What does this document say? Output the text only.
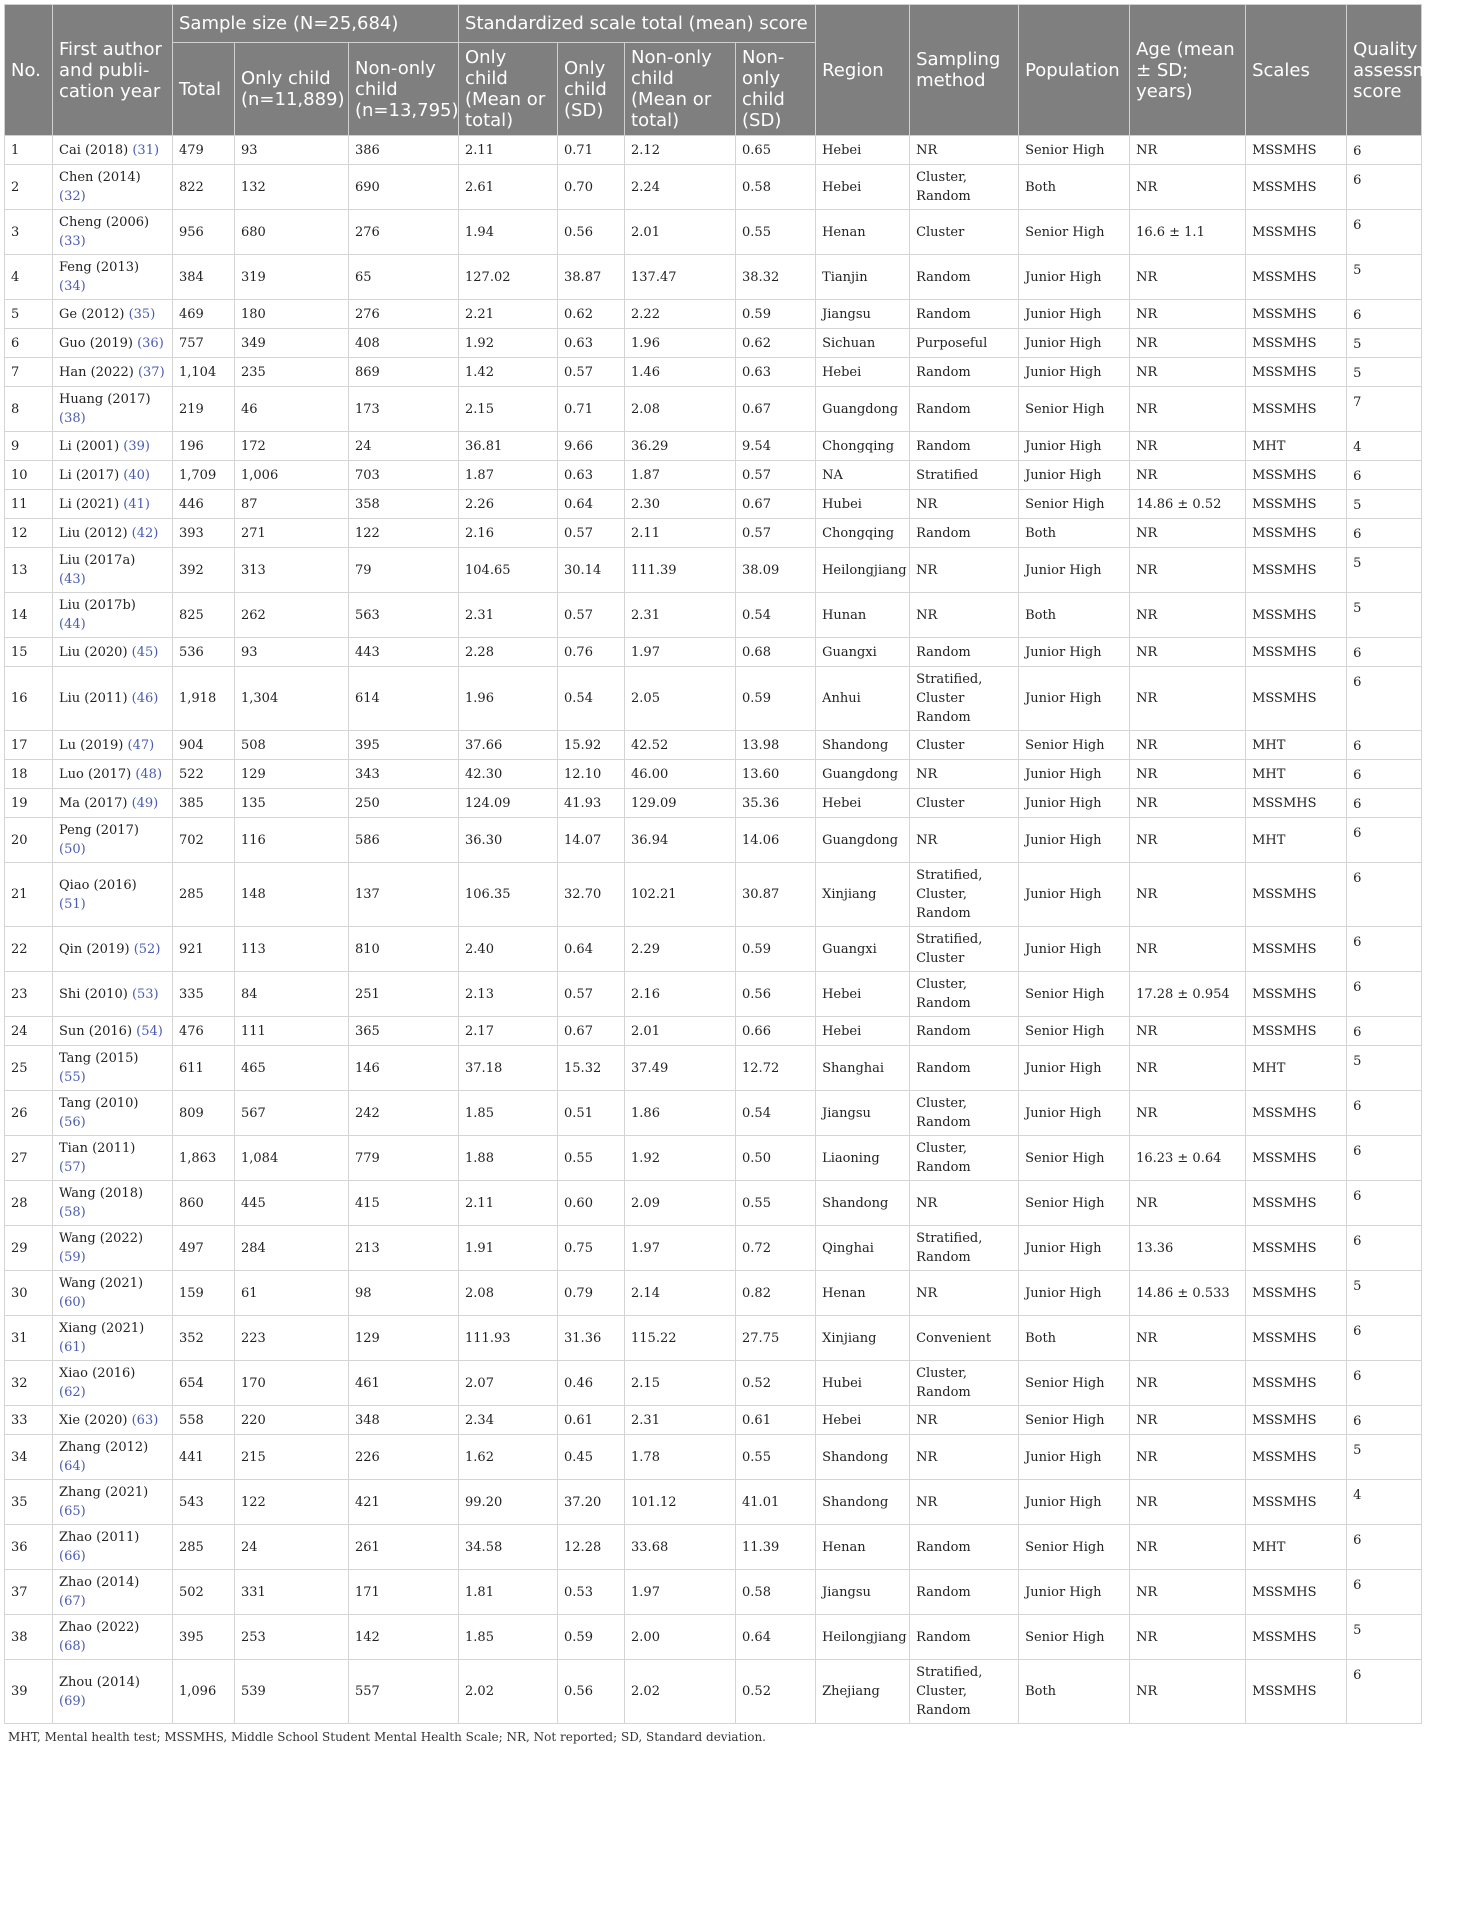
No.	First author and publi-cation year	Sample size (N=25,684)			Standardized scale total (mean) score				Region	Sampling method	Population	Age (mean ± SD; years)	Scales	Quality assessment score
		Total	Only child (n=11,889)	Non-only child (n=13,795)	Only child (Mean or total)	Only child (SD)	Non-only child (Mean or total)	Non-only child (SD)						
1	Cai (2018) (31)	479	93	386	2.11	0.71	2.12	0.65	Hebei	NR	Senior High	NR	MSSMHS	6
2	Chen (2014) (32)	822	132	690	2.61	0.70	2.24	0.58	Hebei	Cluster, Random	Both	NR	MSSMHS	6
3	Cheng (2006) (33)	956	680	276	1.94	0.56	2.01	0.55	Henan	Cluster	Senior High	16.6 ± 1.1	MSSMHS	6
4	Feng (2013) (34)	384	319	65	127.02	38.87	137.47	38.32	Tianjin	Random	Junior High	NR	MSSMHS	5
5	Ge (2012) (35)	469	180	276	2.21	0.62	2.22	0.59	Jiangsu	Random	Junior High	NR	MSSMHS	6
6	Guo (2019) (36)	757	349	408	1.92	0.63	1.96	0.62	Sichuan	Purposeful	Junior High	NR	MSSMHS	5
7	Han (2022) (37)	1,104	235	869	1.42	0.57	1.46	0.63	Hebei	Random	Junior High	NR	MSSMHS	5
8	Huang (2017) (38)	219	46	173	2.15	0.71	2.08	0.67	Guangdong	Random	Senior High	NR	MSSMHS	7
9	Li (2001) (39)	196	172	24	36.81	9.66	36.29	9.54	Chongqing	Random	Junior High	NR	MHT	4
10	Li (2017) (40)	1,709	1,006	703	1.87	0.63	1.87	0.57	NA	Stratified	Junior High	NR	MSSMHS	6
11	Li (2021) (41)	446	87	358	2.26	0.64	2.30	0.67	Hubei	NR	Senior High	14.86 ± 0.52	MSSMHS	5
12	Liu (2012) (42)	393	271	122	2.16	0.57	2.11	0.57	Chongqing	Random	Both	NR	MSSMHS	6
13	Liu (2017a) (43)	392	313	79	104.65	30.14	111.39	38.09	Heilongjiang	NR	Junior High	NR	MSSMHS	5
14	Liu (2017b) (44)	825	262	563	2.31	0.57	2.31	0.54	Hunan	NR	Both	NR	MSSMHS	5
15	Liu (2020) (45)	536	93	443	2.28	0.76	1.97	0.68	Guangxi	Random	Junior High	NR	MSSMHS	6
16	Liu (2011) (46)	1,918	1,304	614	1.96	0.54	2.05	0.59	Anhui	Stratified, Cluster Random	Junior High	NR	MSSMHS	6
17	Lu (2019) (47)	904	508	395	37.66	15.92	42.52	13.98	Shandong	Cluster	Senior High	NR	MHT	6
18	Luo (2017) (48)	522	129	343	42.30	12.10	46.00	13.60	Guangdong	NR	Junior High	NR	MHT	6
19	Ma (2017) (49)	385	135	250	124.09	41.93	129.09	35.36	Hebei	Cluster	Junior High	NR	MSSMHS	6
20	Peng (2017) (50)	702	116	586	36.30	14.07	36.94	14.06	Guangdong	NR	Junior High	NR	MHT	6
21	Qiao (2016) (51)	285	148	137	106.35	32.70	102.21	30.87	Xinjiang	Stratified, Cluster, Random	Junior High	NR	MSSMHS	6
22	Qin (2019) (52)	921	113	810	2.40	0.64	2.29	0.59	Guangxi	Stratified, Cluster	Junior High	NR	MSSMHS	6
23	Shi (2010) (53)	335	84	251	2.13	0.57	2.16	0.56	Hebei	Cluster, Random	Senior High	17.28 ± 0.954	MSSMHS	6
24	Sun (2016) (54)	476	111	365	2.17	0.67	2.01	0.66	Hebei	Random	Senior High	NR	MSSMHS	6
25	Tang (2015) (55)	611	465	146	37.18	15.32	37.49	12.72	Shanghai	Random	Junior High	NR	MHT	5
26	Tang (2010) (56)	809	567	242	1.85	0.51	1.86	0.54	Jiangsu	Cluster, Random	Junior High	NR	MSSMHS	6
27	Tian (2011) (57)	1,863	1,084	779	1.88	0.55	1.92	0.50	Liaoning	Cluster, Random	Senior High	16.23 ± 0.64	MSSMHS	6
28	Wang (2018) (58)	860	445	415	2.11	0.60	2.09	0.55	Shandong	NR	Senior High	NR	MSSMHS	6
29	Wang (2022) (59)	497	284	213	1.91	0.75	1.97	0.72	Qinghai	Stratified, Random	Junior High	13.36	MSSMHS	6
30	Wang (2021) (60)	159	61	98	2.08	0.79	2.14	0.82	Henan	NR	Junior High	14.86 ± 0.533	MSSMHS	5
31	Xiang (2021) (61)	352	223	129	111.93	31.36	115.22	27.75	Xinjiang	Convenient	Both	NR	MSSMHS	6
32	Xiao (2016) (62)	654	170	461	2.07	0.46	2.15	0.52	Hubei	Cluster, Random	Senior High	NR	MSSMHS	6
33	Xie (2020) (63)	558	220	348	2.34	0.61	2.31	0.61	Hebei	NR	Senior High	NR	MSSMHS	6
34	Zhang (2012) (64)	441	215	226	1.62	0.45	1.78	0.55	Shandong	NR	Junior High	NR	MSSMHS	5
35	Zhang (2021) (65)	543	122	421	99.20	37.20	101.12	41.01	Shandong	NR	Junior High	NR	MSSMHS	4
36	Zhao (2011) (66)	285	24	261	34.58	12.28	33.68	11.39	Henan	Random	Senior High	NR	MHT	6
37	Zhao (2014) (67)	502	331	171	1.81	0.53	1.97	0.58	Jiangsu	Random	Junior High	NR	MSSMHS	6
38	Zhao (2022) (68)	395	253	142	1.85	0.59	2.00	0.64	Heilongjiang	Random	Senior High	NR	MSSMHS	5
39	Zhou (2014) (69)	1,096	539	557	2.02	0.56	2.02	0.52	Zhejiang	Stratified, Cluster, Random	Both	NR	MSSMHS	6
MHT, Mental health test; MSSMHS, Middle School Student Mental Health Scale; NR, Not reported; SD, Standard deviation.
